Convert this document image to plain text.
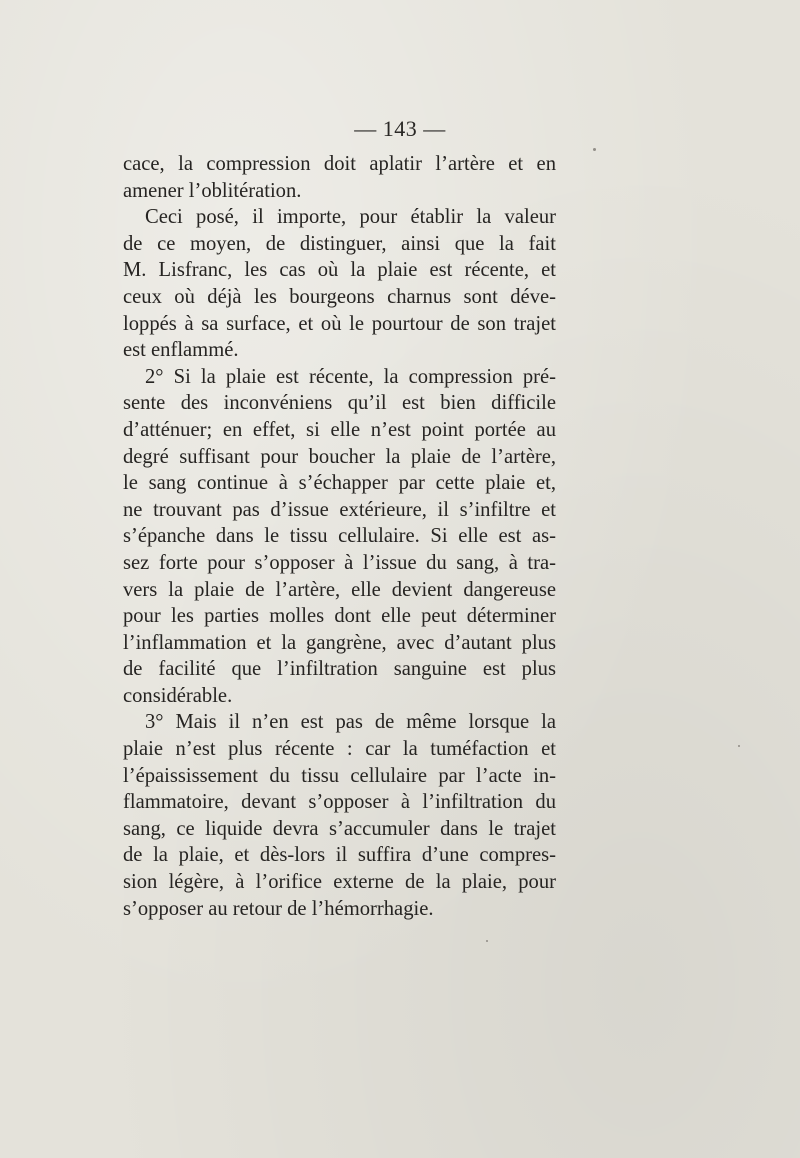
— 143 —
cace, la compression doit aplatir l’artère et en
amener l’oblitération.
Ceci posé, il importe, pour établir la valeur
de ce moyen, de distinguer, ainsi que la fait
M. Lisfranc, les cas où la plaie est récente, et
ceux où déjà les bourgeons charnus sont déve-
loppés à sa surface, et où le pourtour de son trajet
est enflammé.
2° Si la plaie est récente, la compression pré-
sente des inconvéniens qu’il est bien difficile
d’atténuer; en effet, si elle n’est point portée au
degré suffisant pour boucher la plaie de l’artère,
le sang continue à s’échapper par cette plaie et,
ne trouvant pas d’issue extérieure, il s’infiltre et
s’épanche dans le tissu cellulaire. Si elle est as-
sez forte pour s’opposer à l’issue du sang, à tra-
vers la plaie de l’artère, elle devient dangereuse
pour les parties molles dont elle peut déterminer
l’inflammation et la gangrène, avec d’autant plus
de facilité que l’infiltration sanguine est plus
considérable.
3° Mais il n’en est pas de même lorsque la
plaie n’est plus récente : car la tuméfaction et
l’épaississement du tissu cellulaire par l’acte in-
flammatoire, devant s’opposer à l’infiltration du
sang, ce liquide devra s’accumuler dans le trajet
de la plaie, et dès-lors il suffira d’une compres-
sion légère, à l’orifice externe de la plaie, pour
s’opposer au retour de l’hémorrhagie.
